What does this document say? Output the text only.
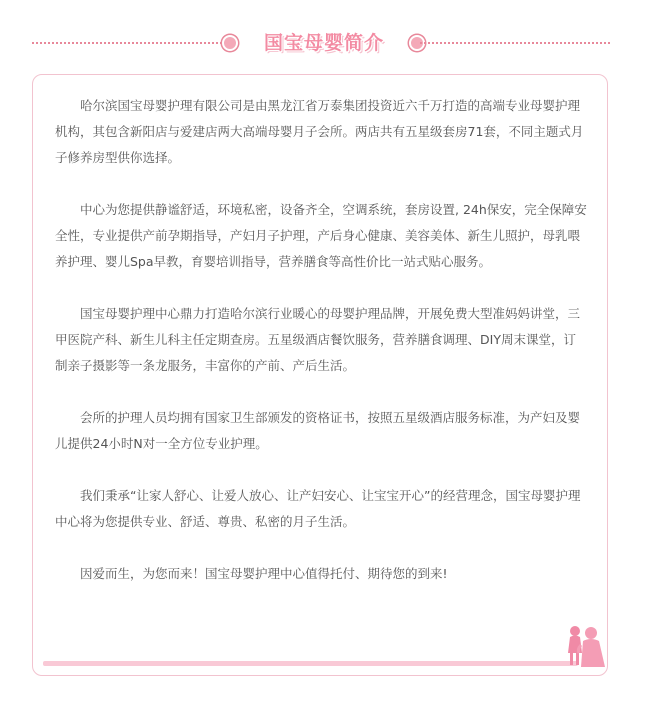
国宝母婴简介

哈尔滨国宝母婴护理有限公司是由黑龙江省万泰集团投资近六千万打造的高端专业母婴护理机构，其包含新阳店与爱建店两大高端母婴月子会所。两店共有五星级套房71套，不同主题式月子修养房型供你选择。

中心为您提供静谧舒适，环境私密，设备齐全，空调系统，套房设置, 24h保安，完全保障安全性，专业提供产前孕期指导，产妇月子护理，产后身心健康、美容美体、新生儿照护，母乳喂养护理、婴儿Spa早教，育婴培训指导，营养膳食等高性价比一站式贴心服务。

国宝母婴护理中心鼎力打造哈尔滨行业暖心的母婴护理品牌，开展免费大型准妈妈讲堂，三甲医院产科、新生儿科主任定期查房。五星级酒店餐饮服务，营养膳食调理、DIY周末课堂，订制亲子摄影等一条龙服务，丰富你的产前、产后生活。

会所的护理人员均拥有国家卫生部颁发的资格证书，按照五星级酒店服务标准，为产妇及婴儿提供24小时N对一全方位专业护理。

我们秉承“让家人舒心、让爱人放心、让产妇安心、让宝宝开心”的经营理念，国宝母婴护理中心将为您提供专业、舒适、尊贵、私密的月子生活。

因爱而生，为您而来！国宝母婴护理中心值得托付、期待您的到来!
